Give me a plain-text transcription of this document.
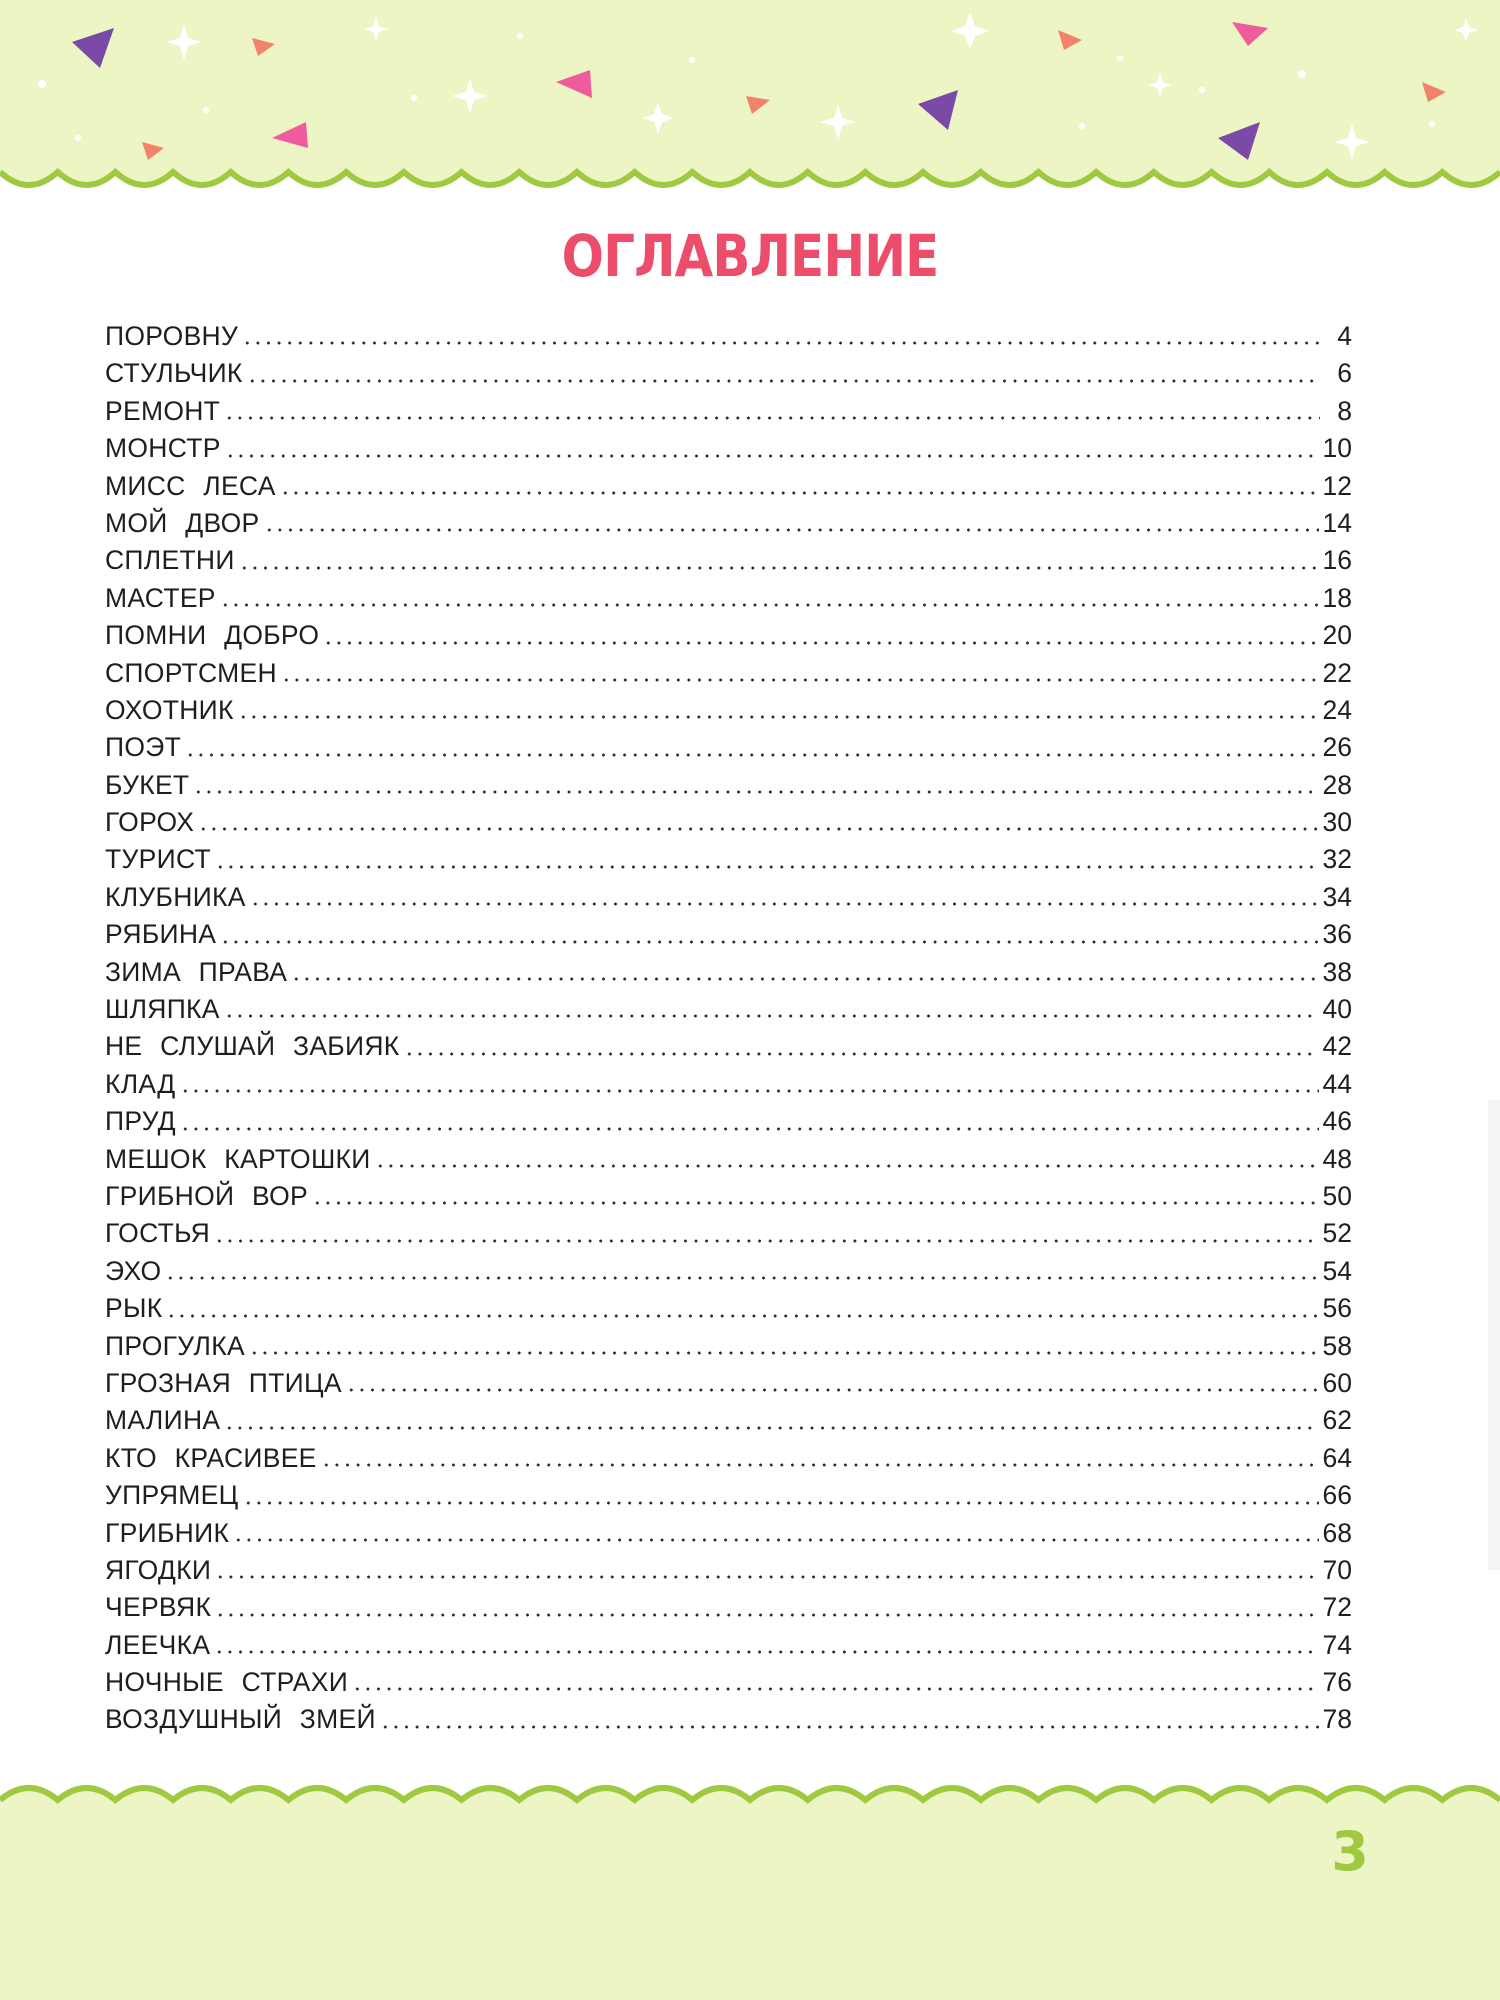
ОГЛАВЛЕНИЕ
ПОРОВНУ	4
СТУЛЬЧИК	6
РЕМОНТ	8
МОНСТР	10
МИСС ЛЕСА	12
МОЙ ДВОР	14
СПЛЕТНИ	16
МАСТЕР	18
ПОМНИ ДОБРО	20
СПОРТСМЕН	22
ОХОТНИК	24
ПОЭТ	26
БУКЕТ	28
ГОРОХ	30
ТУРИСТ	32
КЛУБНИКА	34
РЯБИНА	36
ЗИМА ПРАВА	38
ШЛЯПКА	40
НЕ СЛУШАЙ ЗАБИЯК	42
КЛАД	44
ПРУД	46
МЕШОК КАРТОШКИ	48
ГРИБНОЙ ВОР	50
ГОСТЬЯ	52
ЭХО	54
РЫК	56
ПРОГУЛКА	58
ГРОЗНАЯ ПТИЦА	60
МАЛИНА	62
КТО КРАСИВЕЕ	64
УПРЯМЕЦ	66
ГРИБНИК	68
ЯГОДКИ	70
ЧЕРВЯК	72
ЛЕЕЧКА	74
НОЧНЫЕ СТРАХИ	76
ВОЗДУШНЫЙ ЗМЕЙ	78
3
